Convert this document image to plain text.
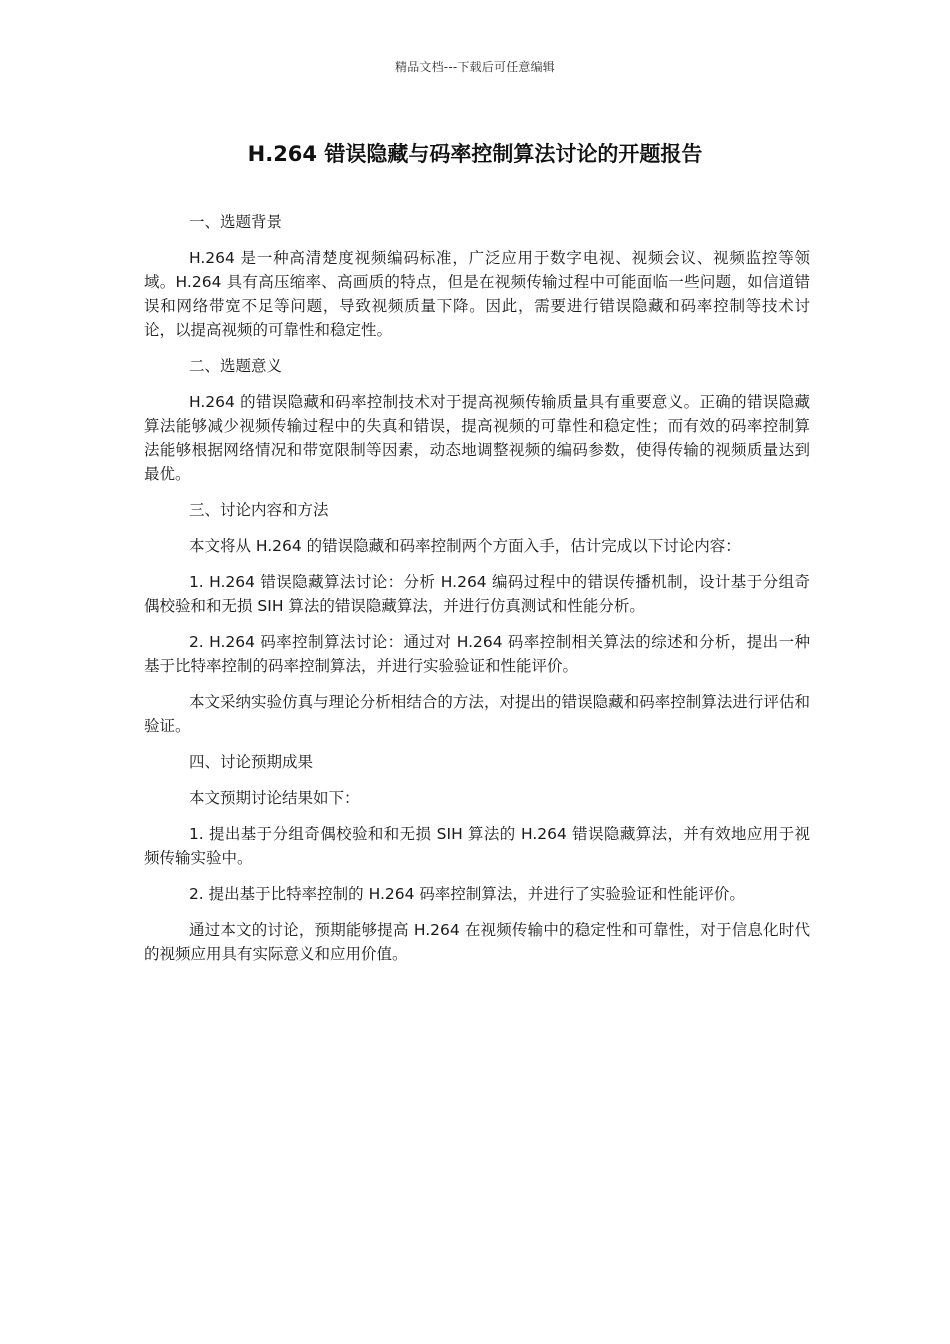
精品文档---下载后可任意编辑
H.264 错误隐藏与码率控制算法讨论的开题报告

一、选题背景

H.264 是一种高清楚度视频编码标准，广泛应用于数字电视、视频会议、视频监控等领域。H.264 具有高压缩率、高画质的特点，但是在视频传输过程中可能面临一些问题，如信道错误和网络带宽不足等问题，导致视频质量下降。因此，需要进行错误隐藏和码率控制等技术讨论，以提高视频的可靠性和稳定性。

二、选题意义

H.264 的错误隐藏和码率控制技术对于提高视频传输质量具有重要意义。正确的错误隐藏算法能够减少视频传输过程中的失真和错误，提高视频的可靠性和稳定性；而有效的码率控制算法能够根据网络情况和带宽限制等因素，动态地调整视频的编码参数，使得传输的视频质量达到最优。

三、讨论内容和方法

本文将从 H.264 的错误隐藏和码率控制两个方面入手，估计完成以下讨论内容：

1. H.264 错误隐藏算法讨论：分析 H.264 编码过程中的错误传播机制，设计基于分组奇偶校验和和无损 SIH 算法的错误隐藏算法，并进行仿真测试和性能分析。

2. H.264 码率控制算法讨论：通过对 H.264 码率控制相关算法的综述和分析，提出一种基于比特率控制的码率控制算法，并进行实验验证和性能评价。

本文采纳实验仿真与理论分析相结合的方法，对提出的错误隐藏和码率控制算法进行评估和验证。

四、讨论预期成果

本文预期讨论结果如下：

1. 提出基于分组奇偶校验和和无损 SIH 算法的 H.264 错误隐藏算法，并有效地应用于视频传输实验中。

2. 提出基于比特率控制的 H.264 码率控制算法，并进行了实验验证和性能评价。

通过本文的讨论，预期能够提高 H.264 在视频传输中的稳定性和可靠性，对于信息化时代的视频应用具有实际意义和应用价值。
